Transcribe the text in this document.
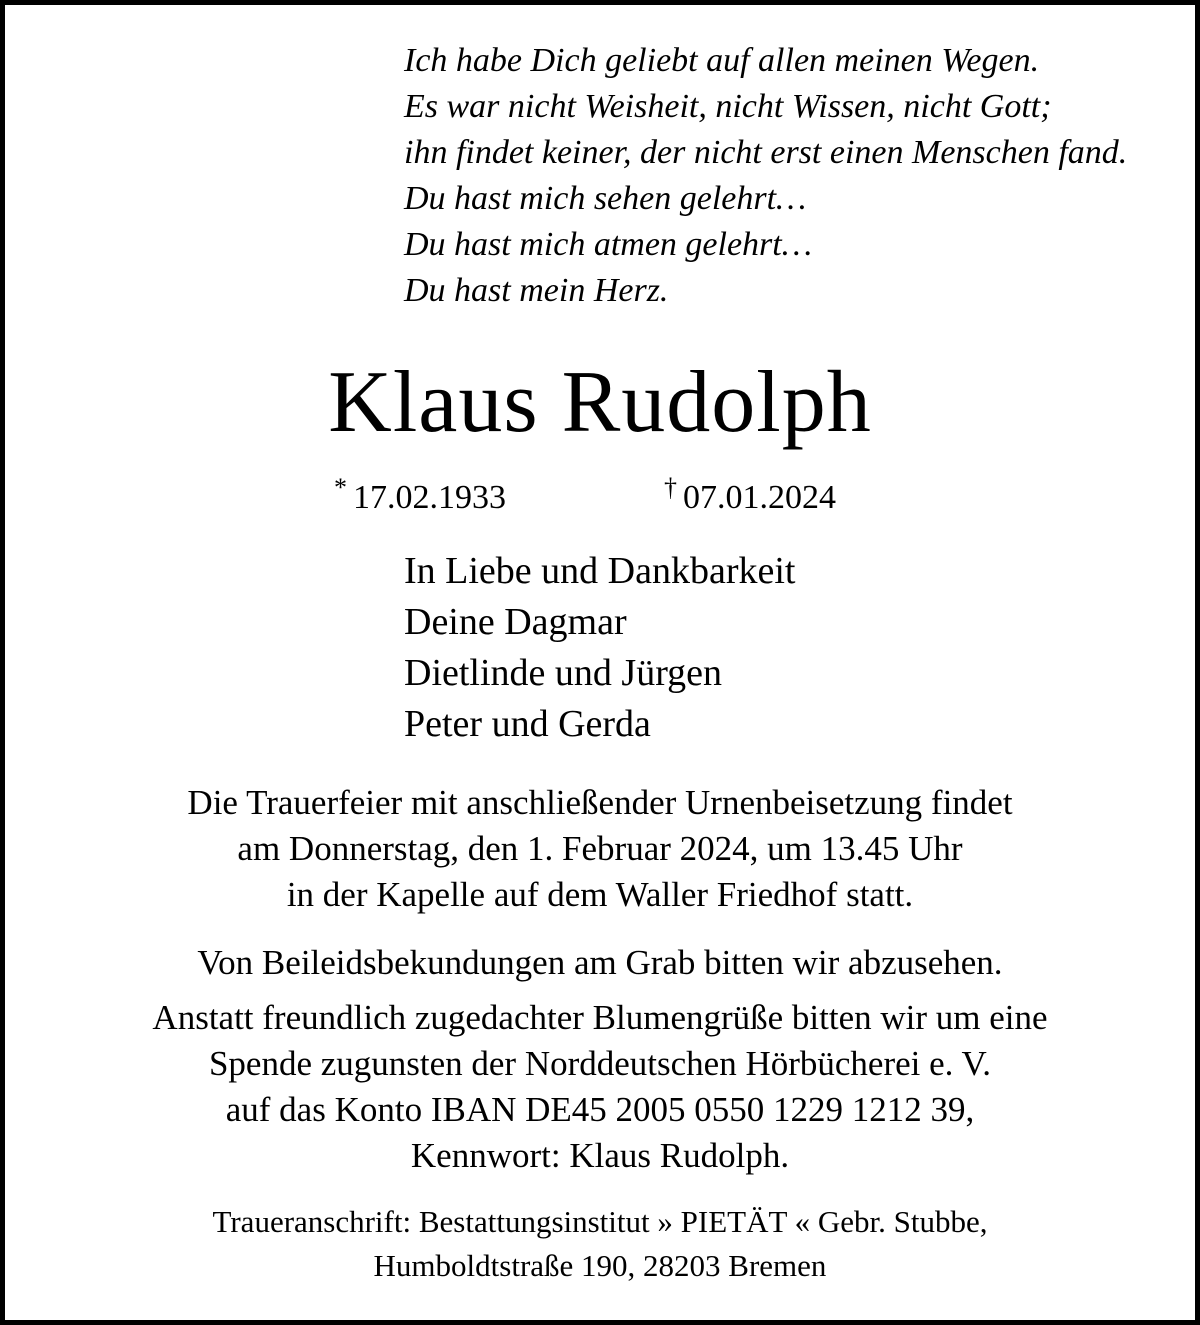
Ich habe Dich geliebt auf allen meinen Wegen.
Es war nicht Weisheit, nicht Wissen, nicht Gott;
ihn findet keiner, der nicht erst einen Menschen fand.
Du hast mich sehen gelehrt…
Du hast mich atmen gelehrt…
Du hast mein Herz.
Klaus Rudolph
* 17.02.1933	† 07.01.2024
In Liebe und Dankbarkeit
Deine Dagmar
Dietlinde und Jürgen
Peter und Gerda
Die Trauerfeier mit anschließender Urnenbeisetzung findet
am Donnerstag, den 1. Februar 2024, um 13.45 Uhr
in der Kapelle auf dem Waller Friedhof statt.
Von Beileidsbekundungen am Grab bitten wir abzusehen.
Anstatt freundlich zugedachter Blumengrüße bitten wir um eine
Spende zugunsten der Norddeutschen Hörbücherei e. V.
auf das Konto IBAN DE45 2005 0550 1229 1212 39,
Kennwort: Klaus Rudolph.
Traueranschrift: Bestattungsinstitut » PIETÄT « Gebr. Stubbe,
Humboldtstraße 190, 28203 Bremen
